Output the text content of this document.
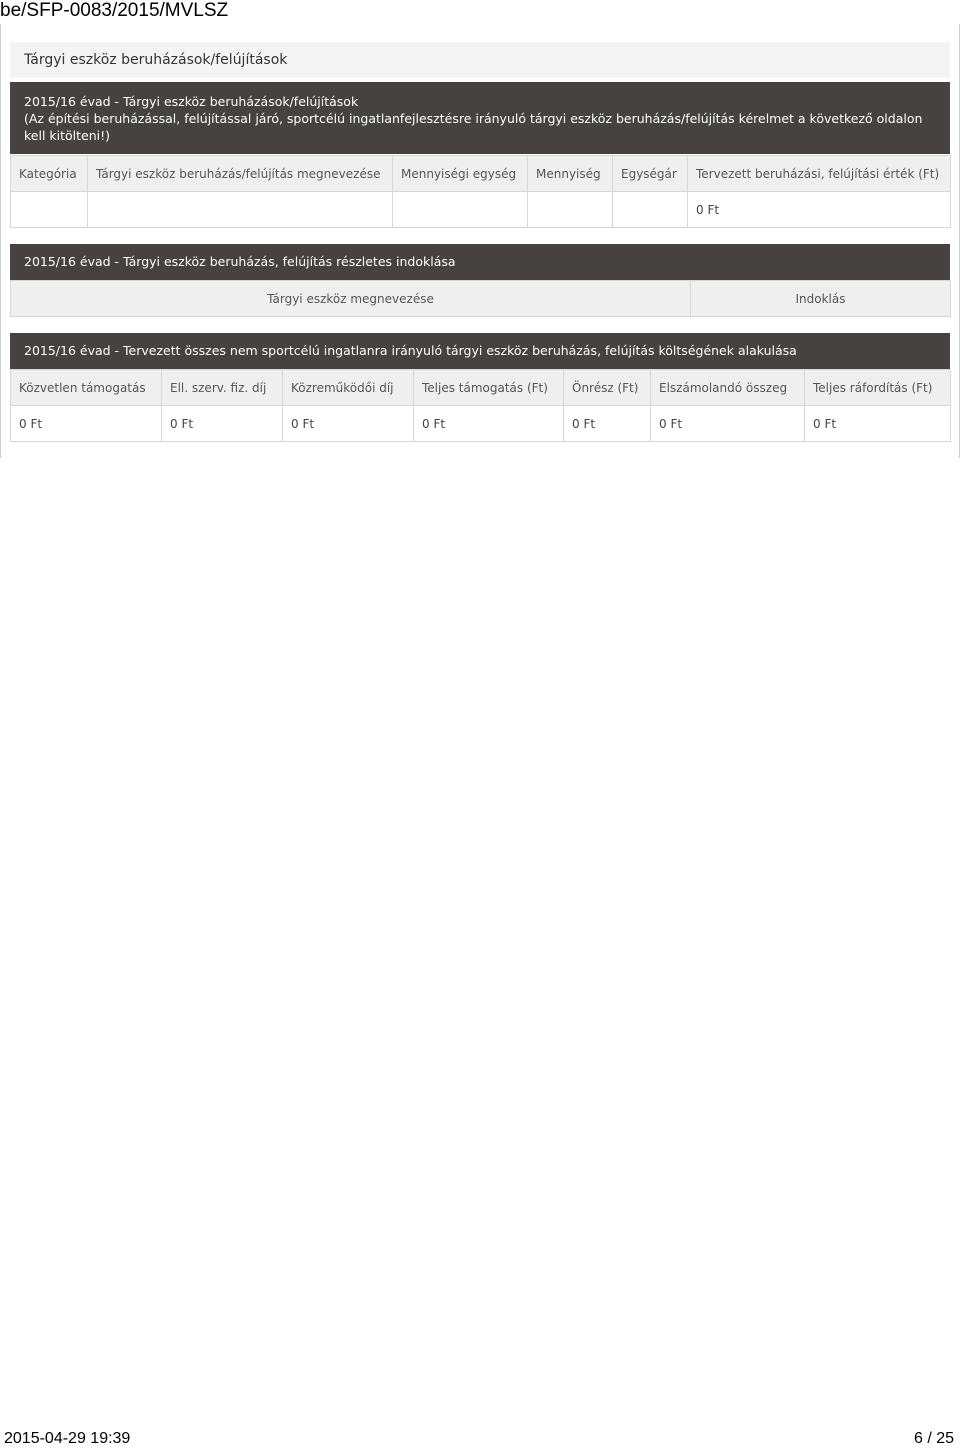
be/SFP-0083/2015/MVLSZ
Tárgyi eszköz beruházások/felújítások
2015/16 évad - Tárgyi eszköz beruházások/felújítások
(Az építési beruházással, felújítással járó, sportcélú ingatlanfejlesztésre irányuló tárgyi eszköz beruházás/felújítás kérelmet a következő oldalon kell kitölteni!)
Kategória	Tárgyi eszköz beruházás/felújítás megnevezése	Mennyiségi egység	Mennyiség	Egységár	Tervezett beruházási, felújítási érték (Ft)
					0 Ft
2015/16 évad - Tárgyi eszköz beruházás, felújítás részletes indoklása
Tárgyi eszköz megnevezése	Indoklás
2015/16 évad - Tervezett összes nem sportcélú ingatlanra irányuló tárgyi eszköz beruházás, felújítás költségének alakulása
Közvetlen támogatás	Ell. szerv. fiz. díj	Közreműködői díj	Teljes támogatás (Ft)	Önrész (Ft)	Elszámolandó összeg	Teljes ráfordítás (Ft)
0 Ft	0 Ft	0 Ft	0 Ft	0 Ft	0 Ft	0 Ft
2015-04-29 19:39	6 / 25
